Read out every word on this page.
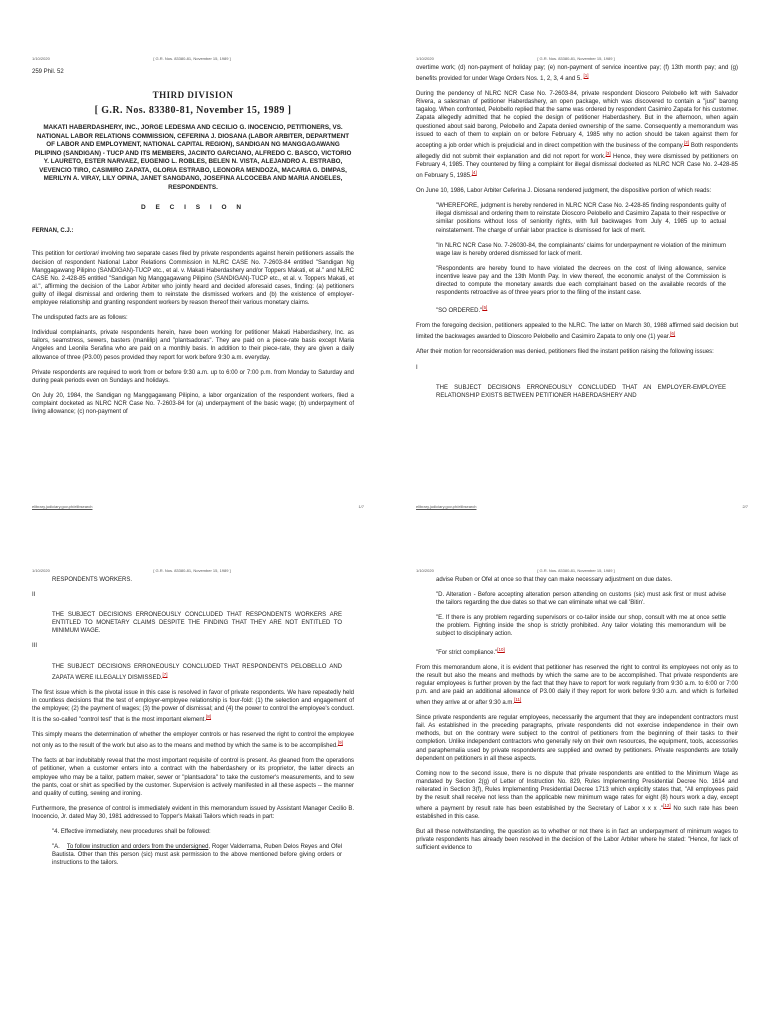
1/10/2020	[ G.R. Nos. 83380-81, November 15, 1989 ]

259 Phil. 52

THIRD DIVISION
[ G.R. Nos. 83380-81, November 15, 1989 ]
MAKATI HABERDASHERY, INC., JORGE LEDESMA AND CECILIO G. INOCENCIO, PETITIONERS, VS. NATIONAL LABOR RELATIONS COMMISSION, CEFERINA J. DIOSANA (LABOR ARBITER, DEPARTMENT OF LABOR AND EMPLOYMENT, NATIONAL CAPITAL REGION), SANDIGAN NG MANGGAGAWANG PILIPINO (SANDIGAN) - TUCP AND ITS MEMBERS, JACINTO GARCIANO, ALFREDO C. BASCO, VICTORIO Y. LAURETO, ESTER NARVAEZ, EUGENIO L. ROBLES, BELEN N. VISTA, ALEJANDRO A. ESTRABO, VEVENCIO TIRO, CASIMIRO ZAPATA, GLORIA ESTRABO, LEONORA MENDOZA, MACARIA G. DIMPAS, MERILYN A. VIRAY, LILY OPINA, JANET SANGDANG, JOSEFINA ALCOCEBA AND MARIA ANGELES, RESPONDENTS.
D E C I S I O N
FERNAN, C.J.:

This petition for certiorari involving two separate cases filed by private respondents against herein petitioners assails the decision of respondent National Labor Relations Commission in NLRC CASE No. 7-2603-84 entitled "Sandigan Ng Manggagawang Pilipino (SANDIGAN)-TUCP etc., et al. v. Makati Haberdashery and/or Toppers Makati, et al." and NLRC CASE No. 2-428-85 entitled "Sandigan Ng Manggagawang Pilipino (SANDIGAN)-TUCP etc., et al. v. Toppers Makati, et al.", affirming the decision of the Labor Arbiter who jointly heard and decided aforesaid cases, finding: (a) petitioners guilty of illegal dismissal and ordering them to reinstate the dismissed workers and (b) the existence of employer-employee relationship and granting respondent workers by reason thereof their various monetary claims.

The undisputed facts are as follows:

Individual complainants, private respondents herein, have been working for petitioner Makati Haberdashery, Inc. as tailors, seamstress, sewers, basters (manlilip) and "plantsadoras". They are paid on a piece-rate basis except Maria Angeles and Leonila Serafina who are paid on a monthly basis. In addition to their piece-rate, they are given a daily allowance of three (P3.00) pesos provided they report for work before 9:30 a.m. everyday.

Private respondents are required to work from or before 9:30 a.m. up to 6:00 or 7:00 p.m. from Monday to Saturday and during peak periods even on Sundays and holidays.

On July 20, 1984, the Sandigan ng Manggagawang Pilipino, a labor organization of the respondent workers, filed a complaint docketed as NLRC NCR Case No. 7-2603-84 for (a) underpayment of the basic wage; (b) underpayment of living allowance; (c) non-payment of

elibrary.judiciary.gov.ph/elibsearch	1/7
1/10/2020	[ G.R. Nos. 83380-81, November 15, 1989 ]

overtime work; (d) non-payment of holiday pay; (e) non-payment of service incentive pay; (f) 13th month pay; and (g) benefits provided for under Wage Orders Nos. 1, 2, 3, 4 and 5. [1]

During the pendency of NLRC NCR Case No. 7-2603-84, private respondent Dioscoro Pelobello left with Salvador Rivera, a salesman of petitioner Haberdashery, an open package, which was discovered to contain a "jusi" barong tagalog. When confronted, Pelobello replied that the same was ordered by respondent Casimiro Zapata for his customer. Zapata allegedly admitted that he copied the design of petitioner Haberdashery. But in the afternoon, when again questioned about said barong, Pelobello and Zapata denied ownership of the same. Consequently a memorandum was issued to each of them to explain on or before February 4, 1985 why no action should be taken against them for accepting a job order which is prejudicial and in direct competition with the business of the company.[2] Both respondents allegedly did not submit their explanation and did not report for work.[3] Hence, they were dismissed by petitioners on February 4, 1985. They countered by filing a complaint for illegal dismissal docketed as NLRC NCR Case No. 2-428-85 on February 5, 1985.[4]

On June 10, 1986, Labor Arbiter Ceferina J. Diosana rendered judgment, the dispositive portion of which reads:

"WHEREFORE, judgment is hereby rendered in NLRC NCR Case No. 2-428-85 finding respondents guilty of illegal dismissal and ordering them to reinstate Dioscoro Pelobello and Casimiro Zapata to their respective or similar positions without loss of seniority rights, with full backwages from July 4, 1985 up to actual reinstatement. The charge of unfair labor practice is dismissed for lack of merit.

"In NLRC NCR Case No. 7-26030-84, the complainants' claims for underpayment re violation of the minimum wage law is hereby ordered dismissed for lack of merit.

"Respondents are hereby found to have violated the decrees on the cost of living allowance, service incentive leave pay and the 13th Month Pay. In view thereof, the economic analyst of the Commission is directed to compute the monetary awards due each complainant based on the available records of the respondents retroactive as of three years prior to the filing of the instant case.

"SO ORDERED."[5]

From the foregoing decision, petitioners appealed to the NLRC. The latter on March 30, 1988 affirmed said decision but limited the backwages awarded to Dioscoro Pelobello and Casimiro Zapata to only one (1) year.[6]

After their motion for reconsideration was denied, petitioners filed the instant petition raising the following issues:

I

THE SUBJECT DECISIONS ERRONEOUSLY CONCLUDED THAT AN EMPLOYER-EMPLOYEE RELATIONSHIP EXISTS BETWEEN PETITIONER HABERDASHERY AND

elibrary.judiciary.gov.ph/elibsearch	2/7
1/10/2020	[ G.R. Nos. 83380-81, November 15, 1989 ]

RESPONDENTS WORKERS.

II

THE SUBJECT DECISIONS ERRONEOUSLY CONCLUDED THAT RESPONDENTS WORKERS ARE ENTITLED TO MONETARY CLAIMS DESPITE THE FINDING THAT THEY ARE NOT ENTITLED TO MINIMUM WAGE.

III

THE SUBJECT DECISIONS ERRONEOUSLY CONCLUDED THAT RESPONDENTS PELOBELLO AND ZAPATA WERE ILLEGALLY DISMISSED.[7]

The first issue which is the pivotal issue in this case is resolved in favor of private respondents. We have repeatedly held in countless decisions that the test of employer-employee relationship is four-fold: (1) the selection and engagement of the employee; (2) the payment of wages; (3) the power of dismissal; and (4) the power to control the employee's conduct. It is the so-called "control test" that is the most important element.[8]

This simply means the determination of whether the employer controls or has reserved the right to control the employee not only as to the result of the work but also as to the means and method by which the same is to be accomplished.[9]

The facts at bar indubitably reveal that the most important requisite of control is present. As gleaned from the operations of petitioner, when a customer enters into a contract with the haberdashery or its proprietor, the latter directs an employee who may be a tailor, pattern maker, sewer or "plantsadora" to take the customer's measurements, and to sew the pants, coat or shirt as specified by the customer. Supervision is actively manifested in all these aspects -- the manner and quality of cutting, sewing and ironing.

Furthermore, the presence of control is immediately evident in this memorandum issued by Assistant Manager Cecilio B. Inocencio, Jr. dated May 30, 1981 addressed to Topper's Makati Tailors which reads in part:

"4. Effective immediately, new procedures shall be followed:

"A. To follow instruction and orders from the undersigned, Roger Valderrama, Ruben Delos Reyes and Ofel Bautista. Other than this person (sic) must ask permission to the above mentioned before giving orders or instructions to the tailors.

1/10/2020	[ G.R. Nos. 83380-81, November 15, 1989 ]

advise Ruben or Ofel at once so that they can make necessary adjustment on due dates.

"D. Alteration - Before accepting alteration person attending on customs (sic) must ask first or must advise the tailors regarding the due dates so that we can eliminate what we call 'Bitin'.

"E. If there is any problem regarding supervisors or co-tailor inside our shop, consult with me at once settle the problem. Fighting inside the shop is strictly prohibited. Any tailor violating this memorandum will be subject to disciplinary action.

"For strict compliance."[10]

From this memorandum alone, it is evident that petitioner has reserved the right to control its employees not only as to the result but also the means and methods by which the same are to be accomplished. That private respondents are regular employees is further proven by the fact that they have to report for work regularly from 9:30 a.m. to 6:00 or 7:00 p.m. and are paid an additional allowance of P3.00 daily if they report for work before 9:30 a.m. and which is forfeited when they arrive at or after 9:30 a.m.[11]

Since private respondents are regular employees, necessarily the argument that they are independent contractors must fail. As established in the preceding paragraphs, private respondents did not exercise independence in their own methods, but on the contrary were subject to the control of petitioners from the beginning of their tasks to their completion. Unlike independent contractors who generally rely on their own resources, the equipment, tools, accessories and paraphernalia used by private respondents are supplied and owned by petitioners. Private respondents are totally dependent on petitioners in all these aspects.

Coming now to the second issue, there is no dispute that private respondents are entitled to the Minimum Wage as mandated by Section 2(g) of Letter of Instruction No. 829, Rules Implementing Presidential Decree No. 1614 and reiterated in Section 3(f), Rules Implementing Presidential Decree 1713 which explicitly states that, "All employees paid by the result shall receive not less than the applicable new minimum wage rates for eight (8) hours work a day, except where a payment by result rate has been established by the Secretary of Labor x x x ."[12] No such rate has been established in this case.

But all these notwithstanding, the question as to whether or not there is in fact an underpayment of minimum wages to private respondents has already been resolved in the decision of the Labor Arbiter where he stated: "Hence, for lack of sufficient evidence to
